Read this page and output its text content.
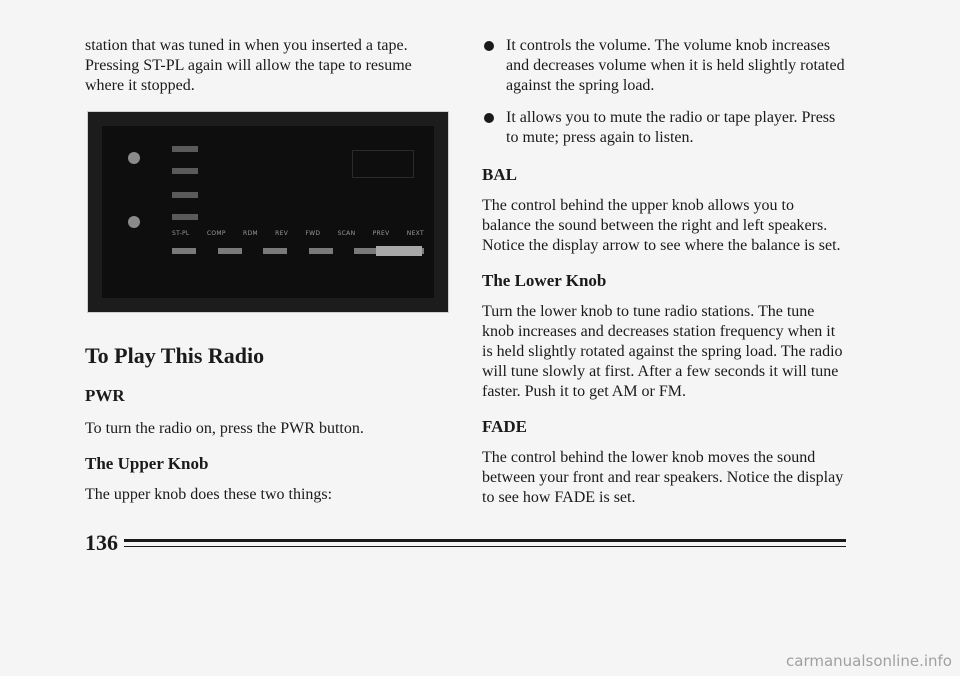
station that was tuned in when you inserted a tape.

Pressing ST-PL again will allow the tape to resume

where it stopped.

ST-PL	COMP	RDM	REV	FWD	SCAN	PREV	NEXT
To Play This Radio
PWR

To turn the radio on, press the PWR button.

The Upper Knob

The upper knob does these two things:

It controls the volume. The volume knob increases

and decreases volume when it is held slightly rotated

against the spring load.

It allows you to mute the radio or tape player. Press

to mute; press again to listen.

BAL

The control behind the upper knob allows you to

balance the sound between the right and left speakers.

Notice the display arrow to see where the balance is set.

The Lower Knob

Turn the lower knob to tune radio stations. The tune

knob increases and decreases station frequency when it

is held slightly rotated against the spring load. The radio

will tune slowly at first. After a few seconds it will tune

faster. Push it to get AM or FM.

FADE

The control behind the lower knob moves the sound

between your front and rear speakers. Notice the display

to see how FADE is set.

136
carmanualsonline.info
